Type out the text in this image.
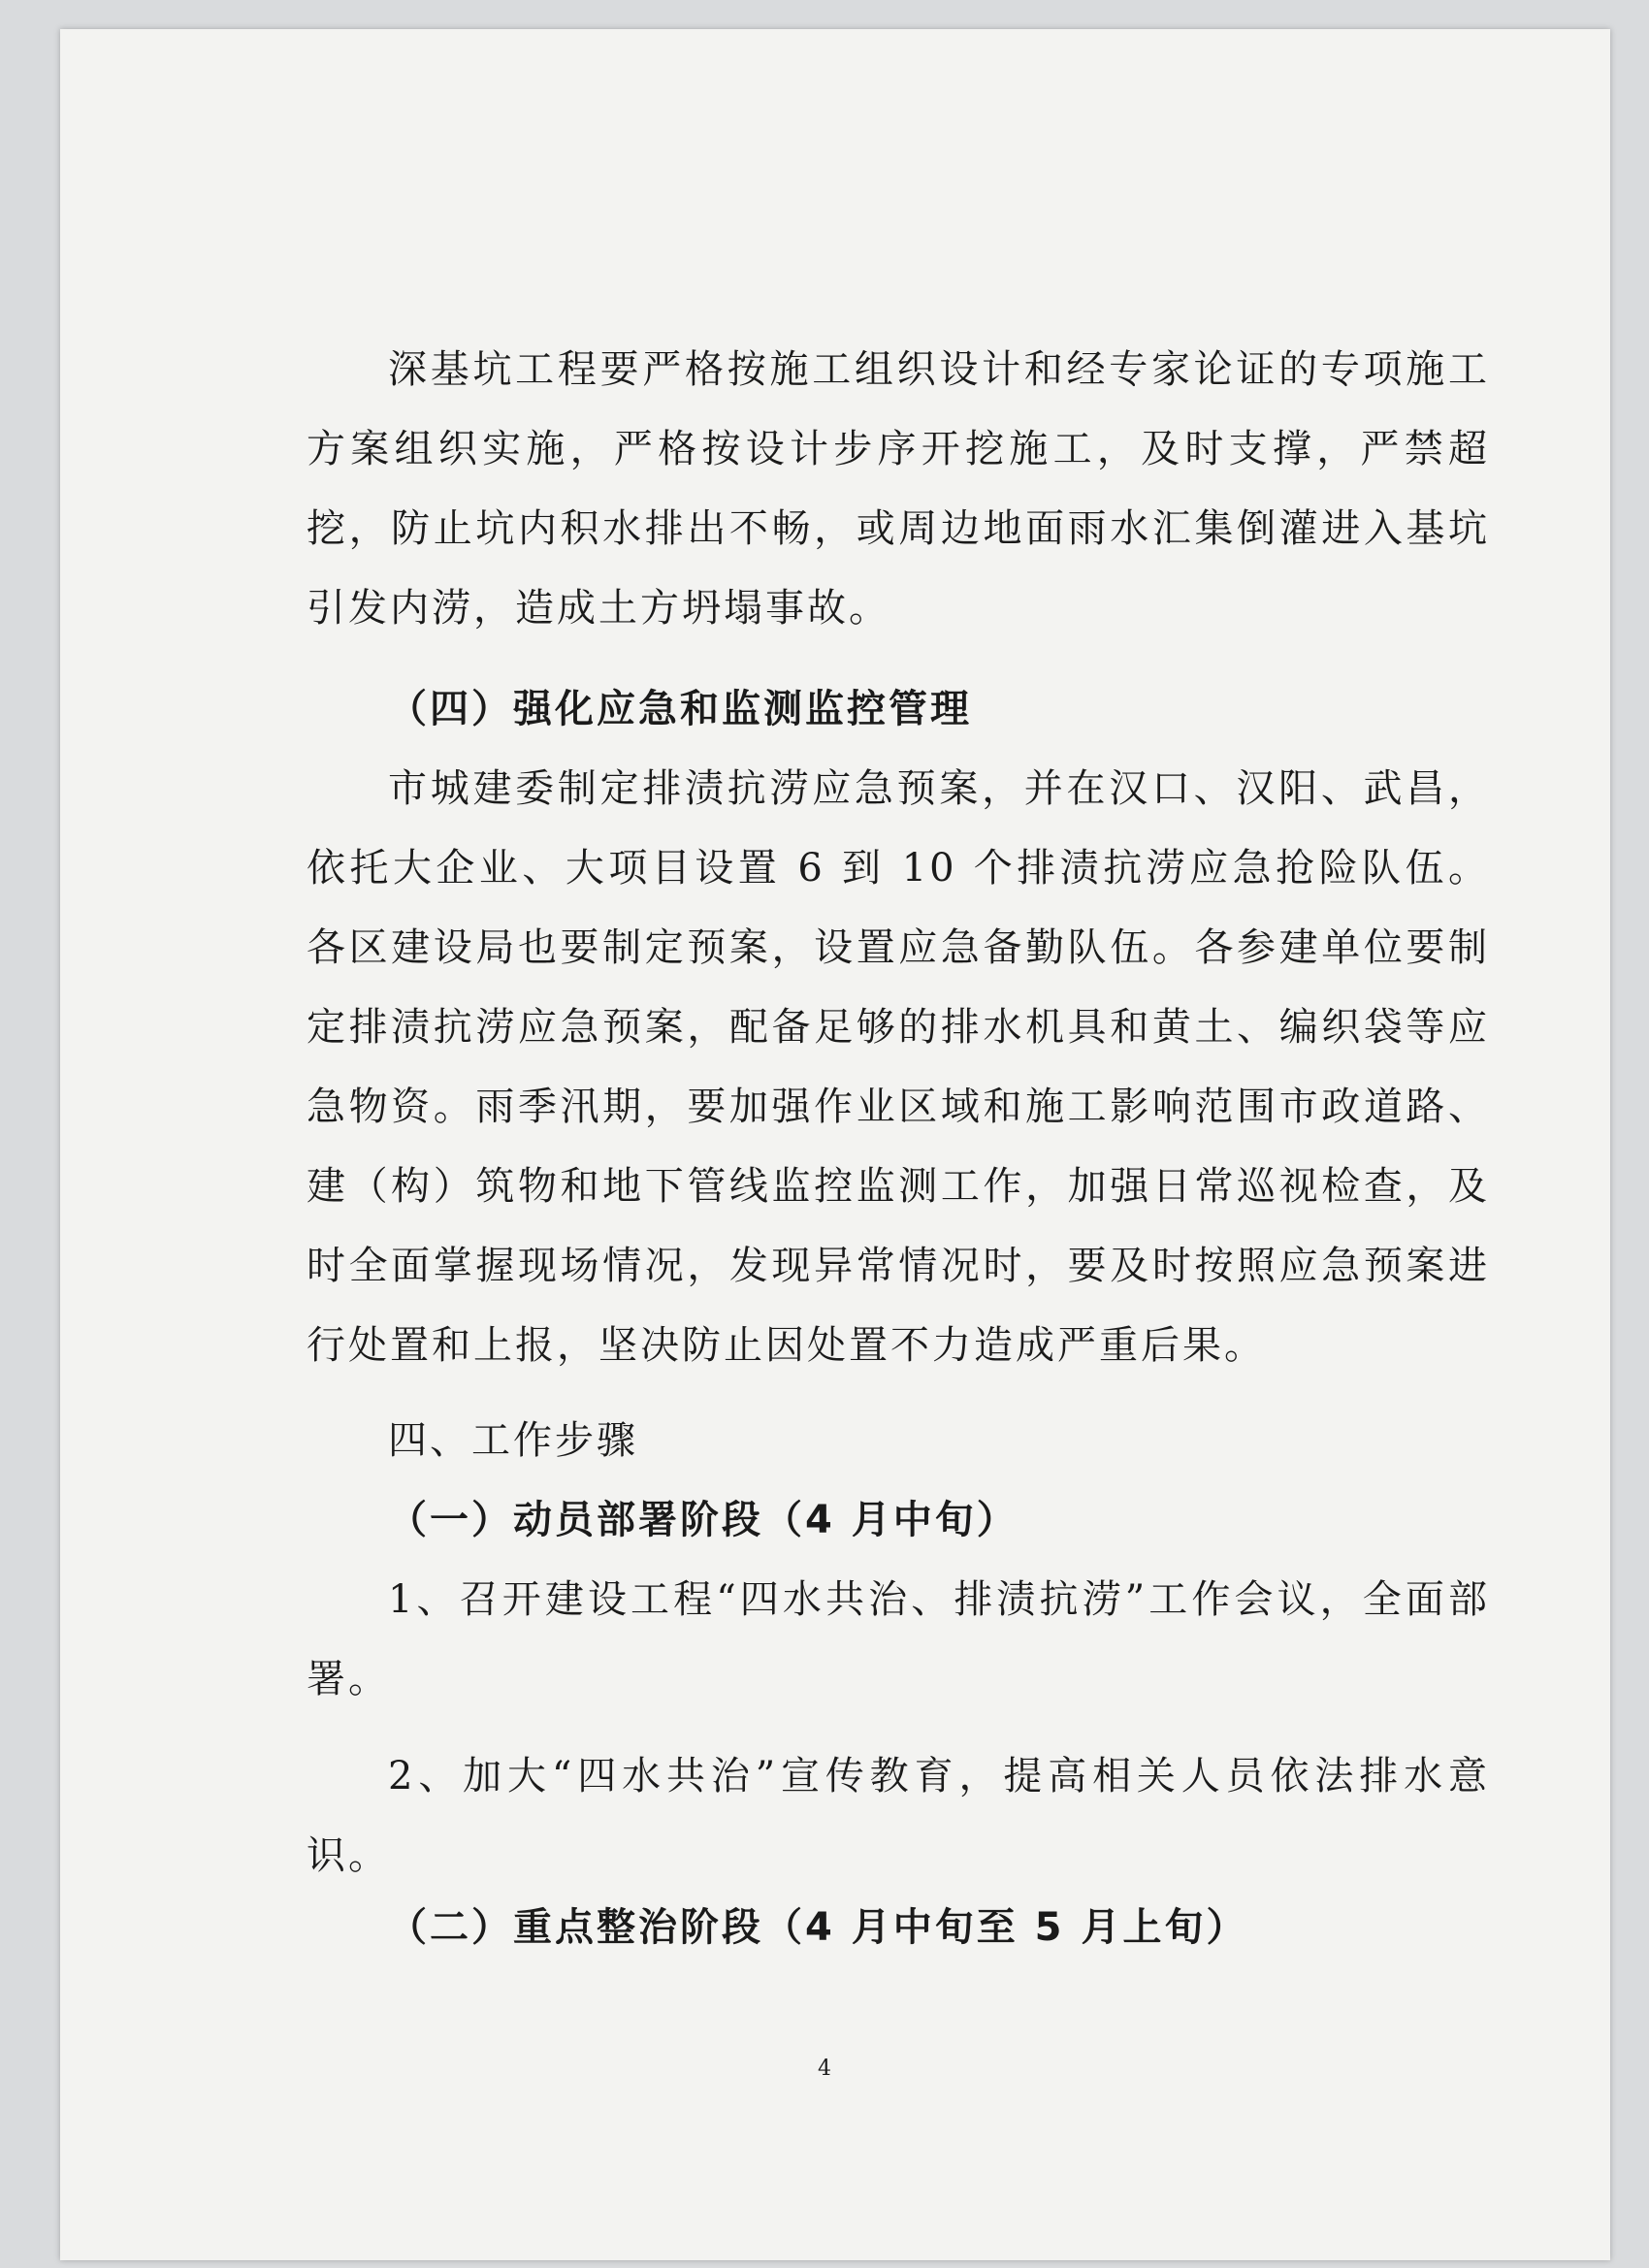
深基坑工程要严格按施工组织设计和经专家论证的专项施工方案组织实施，严格按设计步序开挖施工，及时支撑，严禁超挖，防止坑内积水排出不畅，或周边地面雨水汇集倒灌进入基坑引发内涝，造成土方坍塌事故。

（四）强化应急和监测监控管理

市城建委制定排渍抗涝应急预案，并在汉口、汉阳、武昌，依托大企业、大项目设置 6 到 10 个排渍抗涝应急抢险队伍。各区建设局也要制定预案，设置应急备勤队伍。各参建单位要制定排渍抗涝应急预案，配备足够的排水机具和黄土、编织袋等应急物资。雨季汛期，要加强作业区域和施工影响范围市政道路、建（构）筑物和地下管线监控监测工作，加强日常巡视检查，及时全面掌握现场情况，发现异常情况时，要及时按照应急预案进行处置和上报，坚决防止因处置不力造成严重后果。

四、工作步骤

（一）动员部署阶段（4 月中旬）

1、召开建设工程“四水共治、排渍抗涝”工作会议，全面部署。

2、加大“四水共治”宣传教育，提高相关人员依法排水意识。

（二）重点整治阶段（4 月中旬至 5 月上旬）

4
